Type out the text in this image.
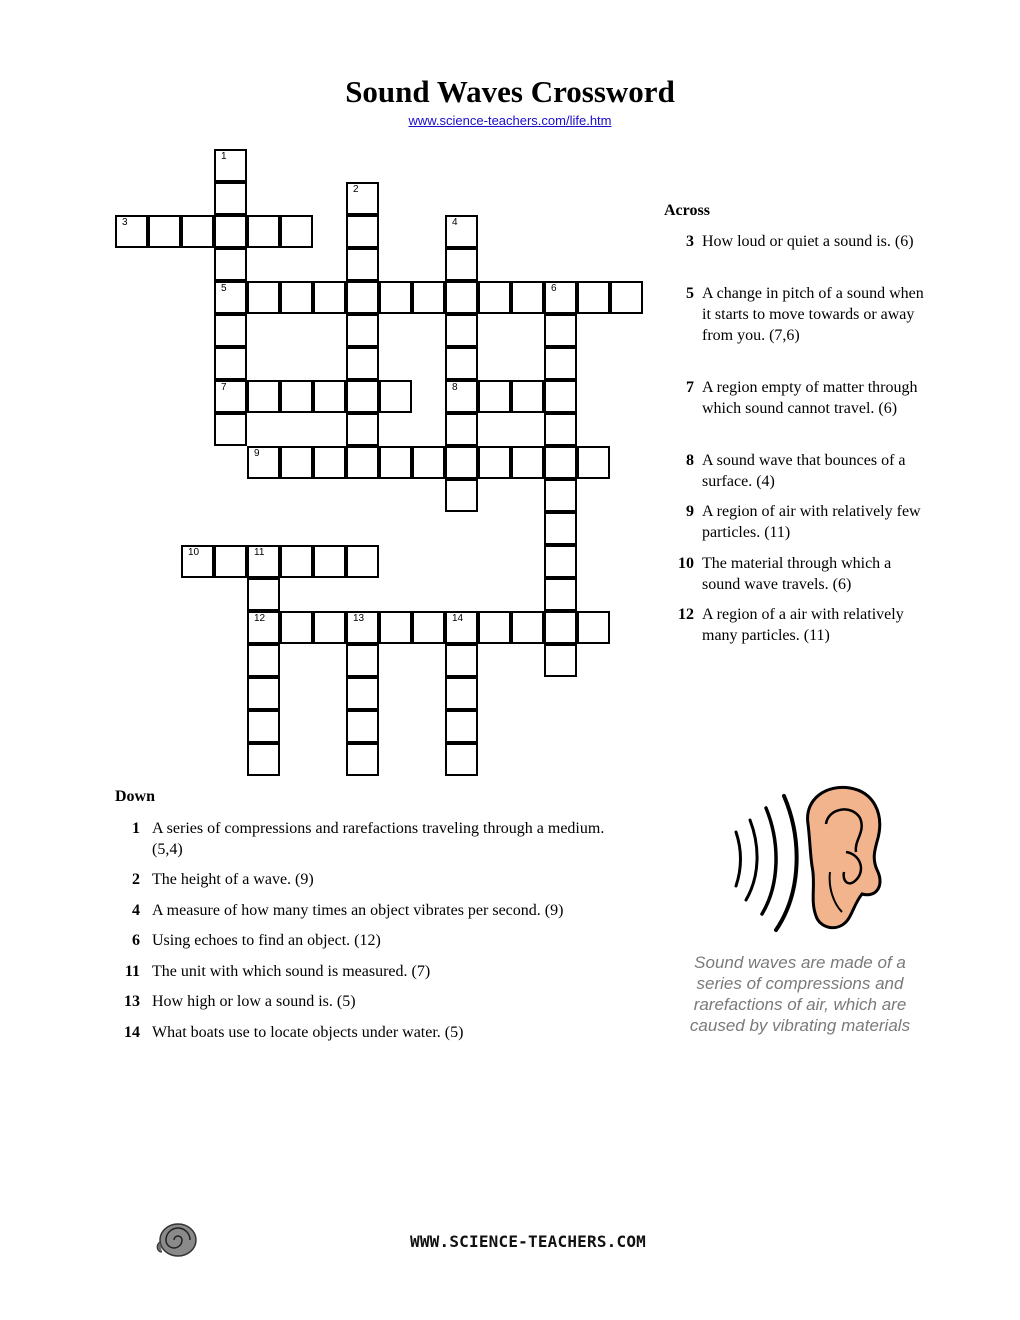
Sound Waves Crossword
www.science-teachers.com/life.htm
1
5
7
2
3	4
8
6
9
10	11
12	13	14
Across
3 How loud or quiet a sound is. (6)
5 A change in pitch of a sound when it starts to move towards or away from you. (7,6)
7 A region empty of matter through which sound cannot travel. (6)
8 A sound wave that bounces of a surface. (4)
9 A region of air with relatively few particles. (11)
10 The material through which a sound wave travels. (6)
12 A region of a air with relatively many particles. (11)
Down
1 A series of compressions and rarefactions traveling through a medium. (5,4)
2 The height of a wave. (9)
4 A measure of how many times an object vibrates per second. (9)
6 Using echoes to find an object. (12)
11 The unit with which sound is measured. (7)
13 How high or low a sound is. (5)
14 What boats use to locate objects under water. (5)
Sound waves are made of a series of compressions and rarefactions of air, which are caused by vibrating materials
WWW.SCIENCE-TEACHERS.COM
